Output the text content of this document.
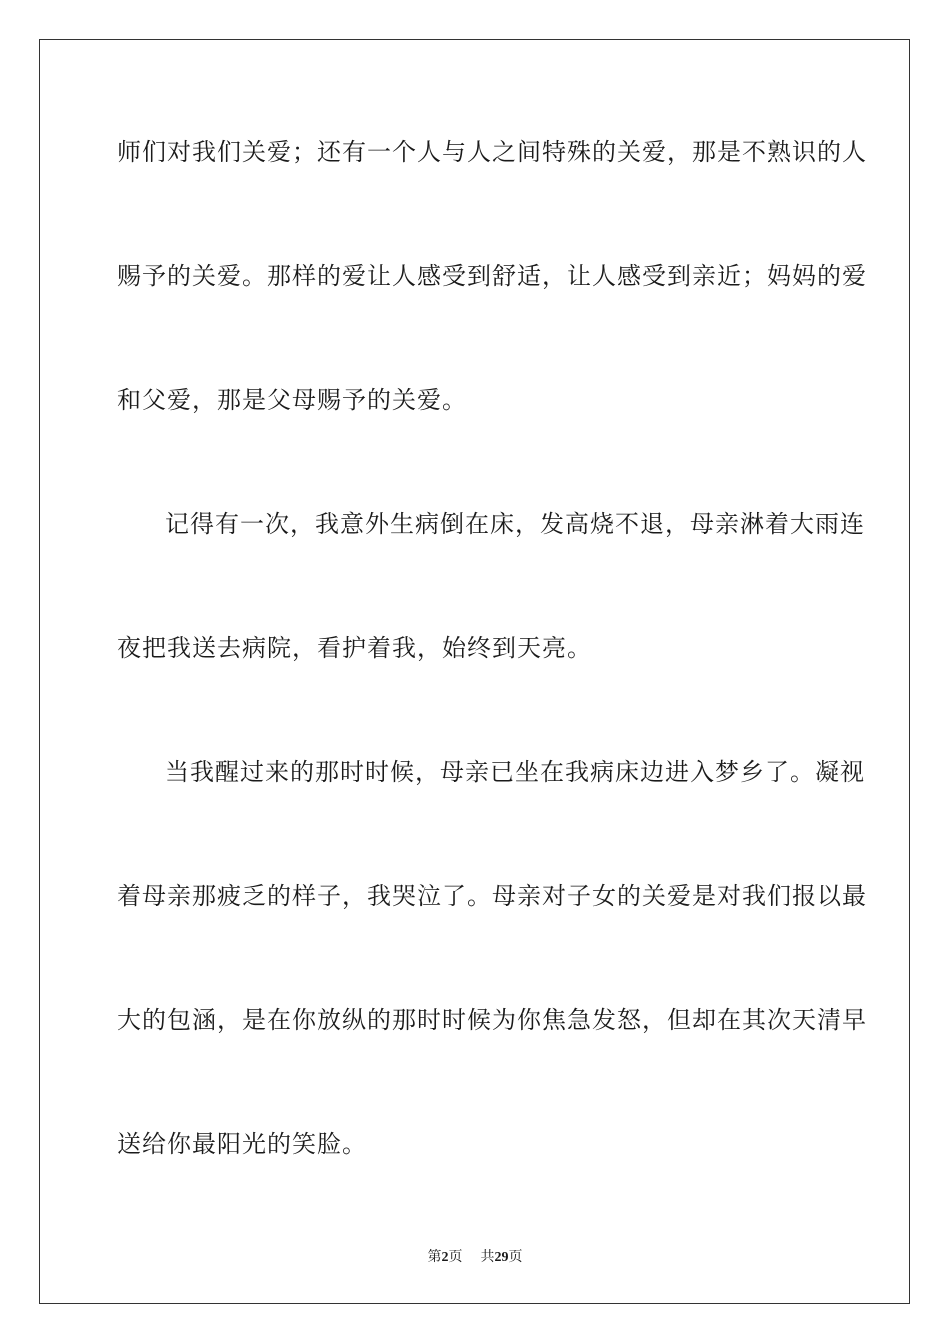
师们对我们关爱；还有一个人与人之间特殊的关爱，那是不熟识的人
赐予的关爱。那样的爱让人感受到舒适，让人感受到亲近；妈妈的爱
和父爱，那是父母赐予的关爱。
记得有一次，我意外生病倒在床，发高烧不退，母亲淋着大雨连
夜把我送去病院，看护着我，始终到天亮。
当我醒过来的那时时候，母亲已坐在我病床边进入梦乡了。凝视
着母亲那疲乏的样子，我哭泣了。母亲对子女的关爱是对我们报以最
大的包涵，是在你放纵的那时时候为你焦急发怒，但却在其次天清早
送给你最阳光的笑脸。
第2页 共29页
